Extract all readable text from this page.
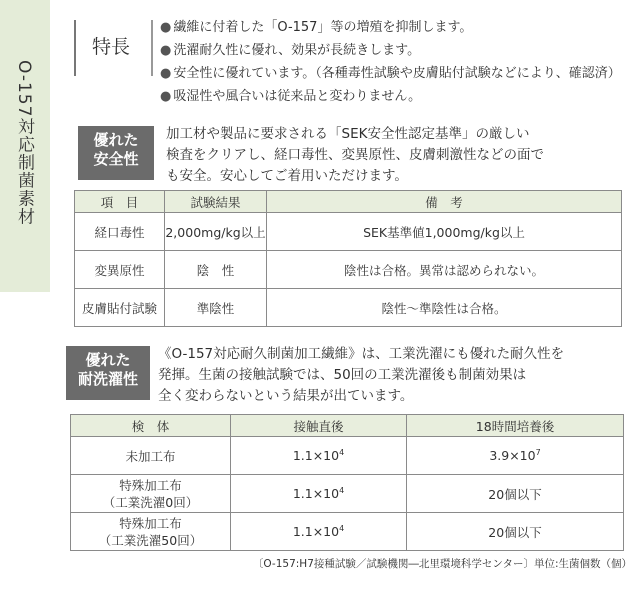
O-157対応制菌素材
特長
● 繊維に付着した「O-157」等の増殖を抑制します。
● 洗濯耐久性に優れ、効果が長続きします。
● 安全性に優れています。（各種毒性試験や皮膚貼付試験などにより、確認済）
● 吸湿性や風合いは従来品と変わりません。
優れた
安全性
加工材や製品に要求される「SEK安全性認定基準」の厳しい
検査をクリアし、経口毒性、変異原性、皮膚刺激性などの面で
も安全。安心してご着用いただけます。
項　目	試験結果	備　考
経口毒性	2,000mg/kg以上	SEK基準値1,000mg/kg以上
変異原性	陰　性	陰性は合格。異常は認められない。
皮膚貼付試験	準陰性	陰性～準陰性は合格。
優れた
耐洗濯性
《O-157対応耐久制菌加工繊維》は、工業洗濯にも優れた耐久性を
発揮。生菌の接触試験では、50回の工業洗濯後も制菌効果は
全く変わらないという結果が出ています。
検　体	接触直後	18時間培養後
未加工布	$1.1\times 10^4$	$3.9\times 10^7$

特殊加工布
（工業洗濯0回）	$1.1\times 10^4$	20個以下

特殊加工布
（工業洗濯50回）	$1.1\times 10^4$	20個以下
〔O-157:H7接種試験／試験機関―北里環境科学センター〕単位:生菌個数（個）
